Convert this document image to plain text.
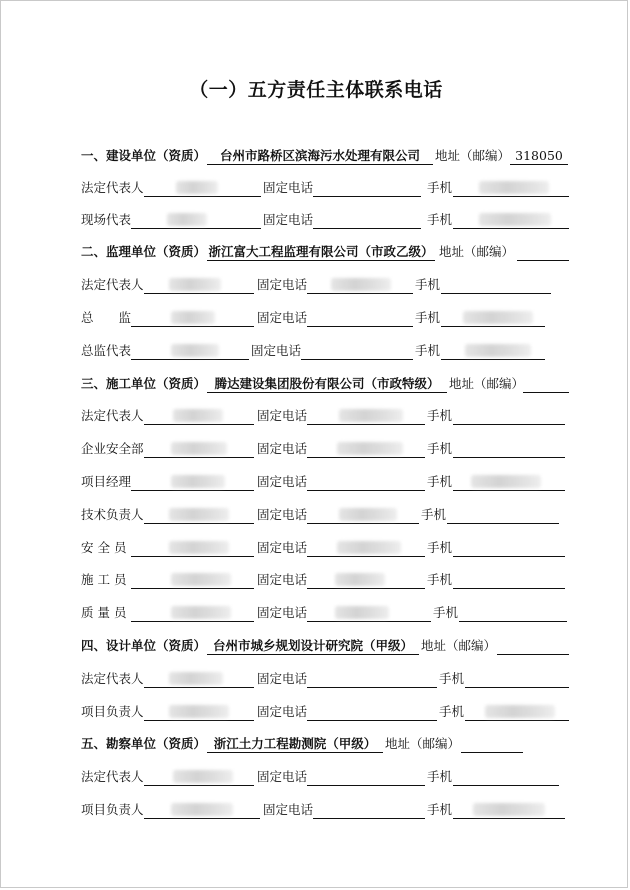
（一）五方责任主体联系电话
一、建设单位（资质）	台州市路桥区滨海污水处理有限公司	地址（邮编） 318050
法定代表人	固定电话	手机
现场代表	固定电话	手机
二、监理单位（资质） 浙江富大工程监理有限公司（市政乙级） 地址（邮编）
法定代表人	固定电话	手机
总　　监	固定电话	手机
总监代表	固定电话	手机
三、施工单位（资质） 腾达建设集团股份有限公司（市政特级） 地址（邮编）
法定代表人	固定电话	手机
企业安全部	固定电话	手机
项目经理	固定电话	手机
技术负责人	固定电话	手机
安 全 员	固定电话	手机
施 工 员	固定电话	手机
质 量 员	固定电话	手机
四、设计单位（资质） 台州市城乡规划设计研究院（甲级） 地址（邮编）
法定代表人	固定电话	手机
项目负责人	固定电话	手机
五、勘察单位（资质） 浙江土力工程勘测院（甲级） 地址（邮编）
法定代表人	固定电话	手机
项目负责人	固定电话	手机
